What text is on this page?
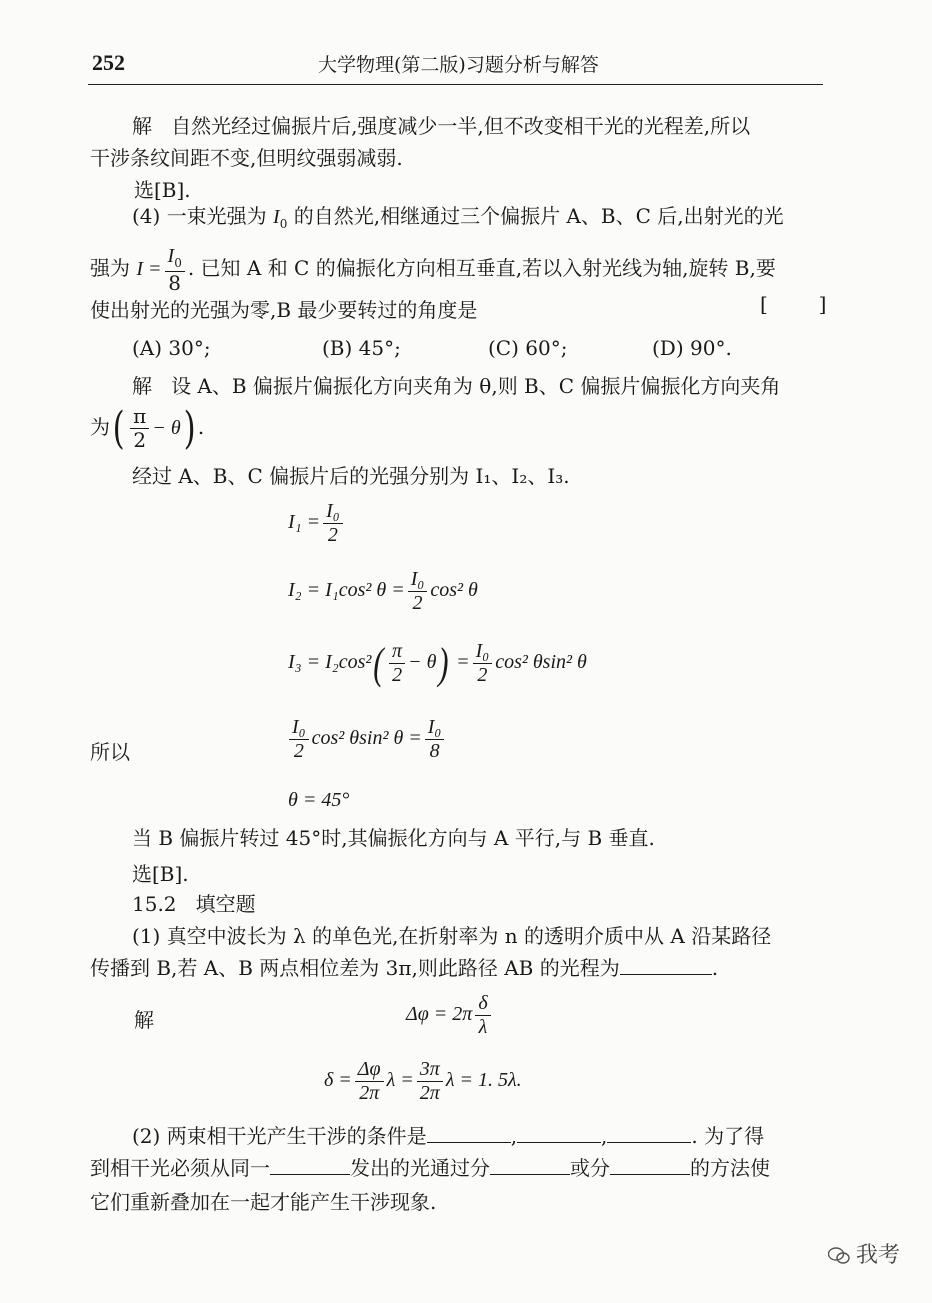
252	大学物理(第二版)习题分析与解答
解 自然光经过偏振片后,强度减少一半,但不改变相干光的光程差,所以
干涉条纹间距不变,但明纹强弱减弱.
选[B].
(4) 一束光强为 $I_0$ 的自然光,相继通过三个偏振片 A、B、C 后,出射光的光
强为 $I = \frac{I_0}{8}$ . 已知 A 和 C 的偏振化方向相互垂直,若以入射光线为轴,旋转 B,要
使出射光的光强为零,B 最少要转过的角度是	[        ]
(A) 30°;	(B) 45°;	(C) 60°;	(D) 90°.
解 设 A、B 偏振片偏振化方向夹角为 θ,则 B、C 偏振片偏振化方向夹角
为( $\frac{\pi}{2} - \theta$) .
经过 A、B、C 偏振片后的光强分别为 I₁、I₂、I₃.
$I_1 = \frac{\text{I₀}}{2}$
I₂ = I₁cos² $\theta = \frac{\text{I₀}}{2} \cos^2$ θ
$I_3 = I_2\cos^2( \frac{\pi}{2} - \theta) = \frac{\text{I₀}}{2} \cos^2$ θsin² θ
所以	$\frac{\text{I₀}}{2} \cos^2$ θsin² $\theta = \frac{\text{I₀}}{8}$
θ = 45°
当 B 偏振片转过 45°时,其偏振化方向与 A 平行,与 B 垂直.
选[B].
15.2   填空题
(1) 真空中波长为 λ 的单色光,在折射率为 n 的透明介质中从 A 沿某路径
传播到 B,若 A、B 两点相位差为 3π,则此路径 AB 的光程为	.
解	$\Delta\varphi = 2\pi \frac{\delta}{\lambda}$
$\delta = \frac{\Delta\varphi}{2\pi}$ $\lambda = \frac{3\pi}{2\pi}$ λ = 1. 5λ.
(2) 两束相干光产生干涉的条件是	,	,	. 为了得
到相干光必须从同一	发出的光通过分	或分	的方法使
它们重新叠加在一起才能产生干涉现象.
我考
